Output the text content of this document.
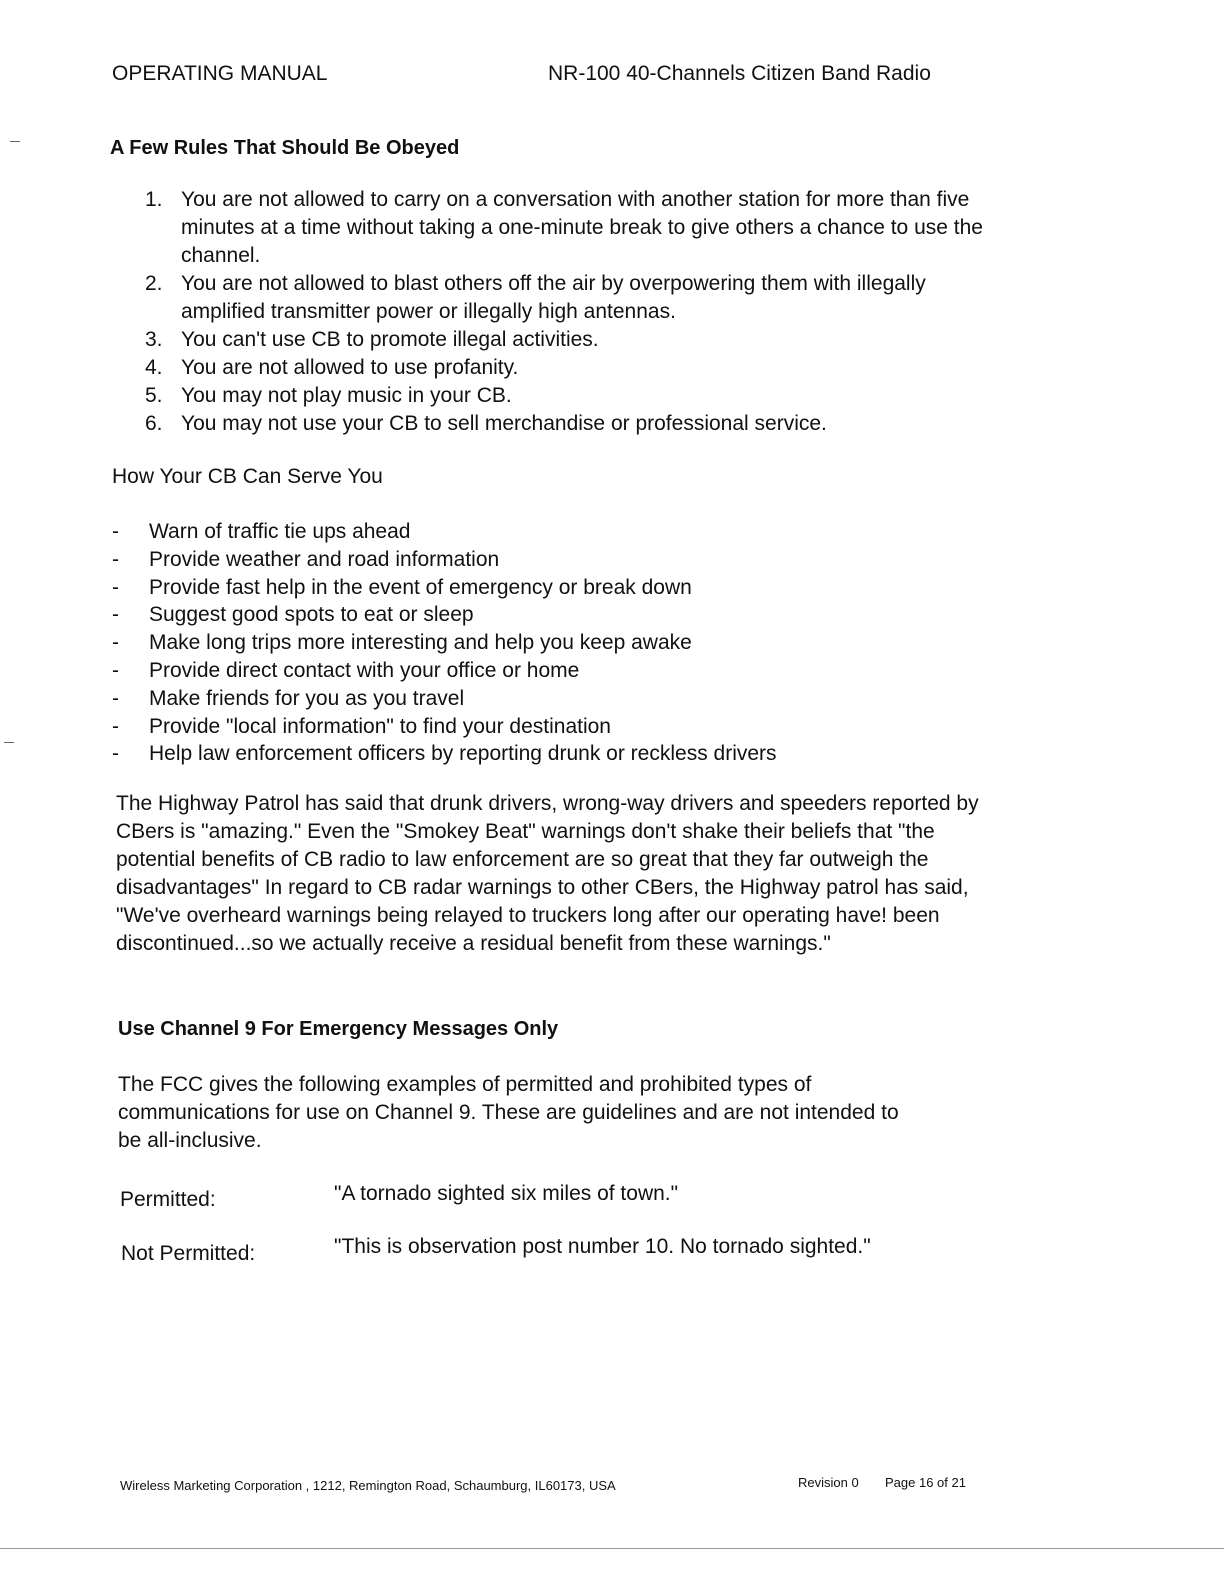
OPERATING MANUAL	NR-100 40-Channels Citizen Band Radio
A Few Rules That Should Be Obeyed
1. You are not allowed to carry on a conversation with another station for more than five minutes at a time without taking a one-minute break to give others a chance to use the channel.
2. You are not allowed to blast others off the air by overpowering them with illegally amplified transmitter power or illegally high antennas.
3. You can't use CB to promote illegal activities.
4. You are not allowed to use profanity.
5. You may not play music in your CB.
6. You may not use your CB to sell merchandise or professional service.
How Your CB Can Serve You
- Warn of traffic tie ups ahead
- Provide weather and road information
- Provide fast help in the event of emergency or break down
- Suggest good spots to eat or sleep
- Make long trips more interesting and help you keep awake
- Provide direct contact with your office or home
- Make friends for you as you travel
- Provide "local information" to find your destination
- Help law enforcement officers by reporting drunk or reckless drivers
The Highway Patrol has said that drunk drivers, wrong-way drivers and speeders reported by CBers is "amazing." Even the "Smokey Beat" warnings don't shake their beliefs that "the potential benefits of CB radio to law enforcement are so great that they far outweigh the disadvantages" In regard to CB radar warnings to other CBers, the Highway patrol has said, "We've overheard warnings being relayed to truckers long after our operating have! been discontinued...so we actually receive a residual benefit from these warnings."
Use Channel 9 For Emergency Messages Only
The FCC gives the following examples of permitted and prohibited types of communications for use on Channel 9. These are guidelines and are not intended to be all-inclusive.
Permitted:	"A tornado sighted six miles of town."
Not Permitted:	"This is observation post number 10. No tornado sighted."
Wireless Marketing Corporation , 1212, Remington Road, Schaumburg, IL60173, USA	Revision 0 Page 16 of 21
